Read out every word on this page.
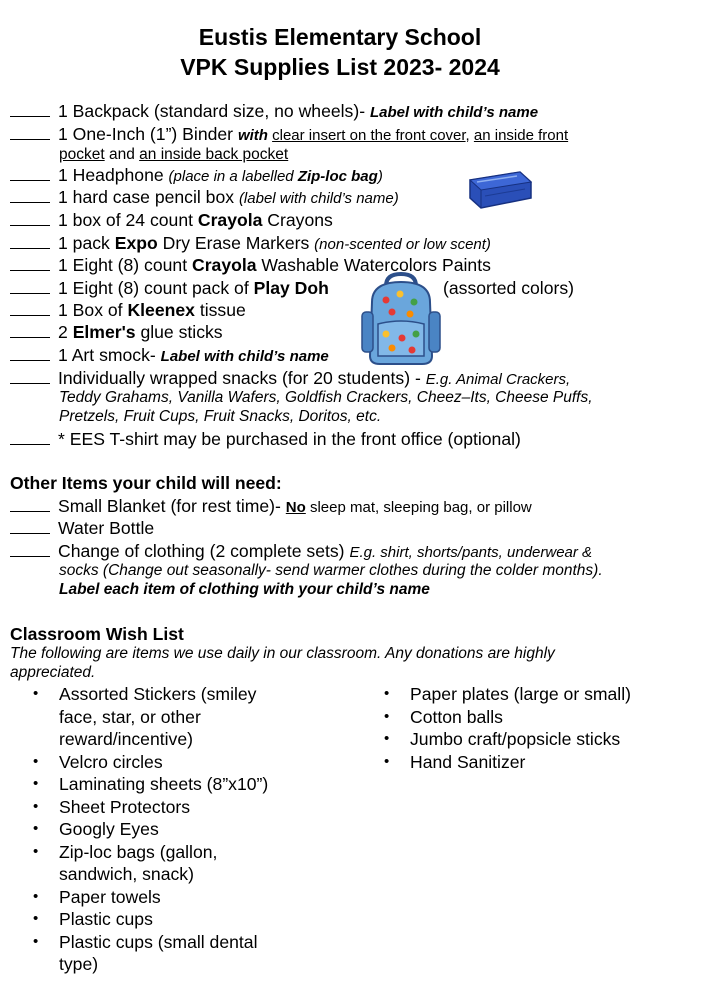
Eustis Elementary School
VPK Supplies List 2023- 2024
1 Backpack (standard size, no wheels)- Label with child’s name
1 One-Inch (1”) Binder with clear insert on the front cover, an inside front
pocket and an inside back pocket
1 Headphone (place in a labelled Zip-loc bag)
1 hard case pencil box (label with child’s name)
1 box of 24 count Crayola Crayons
1 pack Expo Dry Erase Markers (non-scented or low scent)
1 Eight (8) count Crayola Washable Watercolors Paints
1 Eight (8) count pack of Play Doh	(assorted colors)
1 Box of Kleenex tissue
2 Elmer's glue sticks
1 Art smock- Label with child’s name
Individually wrapped snacks (for 20 students) - E.g. Animal Crackers,
Teddy Grahams, Vanilla Wafers, Goldfish Crackers, Cheez–Its, Cheese Puffs,
Pretzels, Fruit Cups, Fruit Snacks, Doritos, etc.
* EES T-shirt may be purchased in the front office (optional)
Other Items your child will need:
Small Blanket (for rest time)- No sleep mat, sleeping bag, or pillow
Water Bottle
Change of clothing (2 complete sets) E.g. shirt, shorts/pants, underwear &
socks (Change out seasonally- send warmer clothes during the colder months).
Label each item of clothing with your child’s name
Classroom Wish List
The following are items we use daily in our classroom. Any donations are highly appreciated.
• Assorted Stickers (smiley
face, star, or other
reward/incentive)
• Velcro circles
• Laminating sheets (8”x10”)
• Sheet Protectors
• Googly Eyes
• Zip-loc bags (gallon,
sandwich, snack)
• Paper towels
• Plastic cups
• Plastic cups (small dental
type)
• Paper plates (large or small)
• Cotton balls
• Jumbo craft/popsicle sticks
• Hand Sanitizer
